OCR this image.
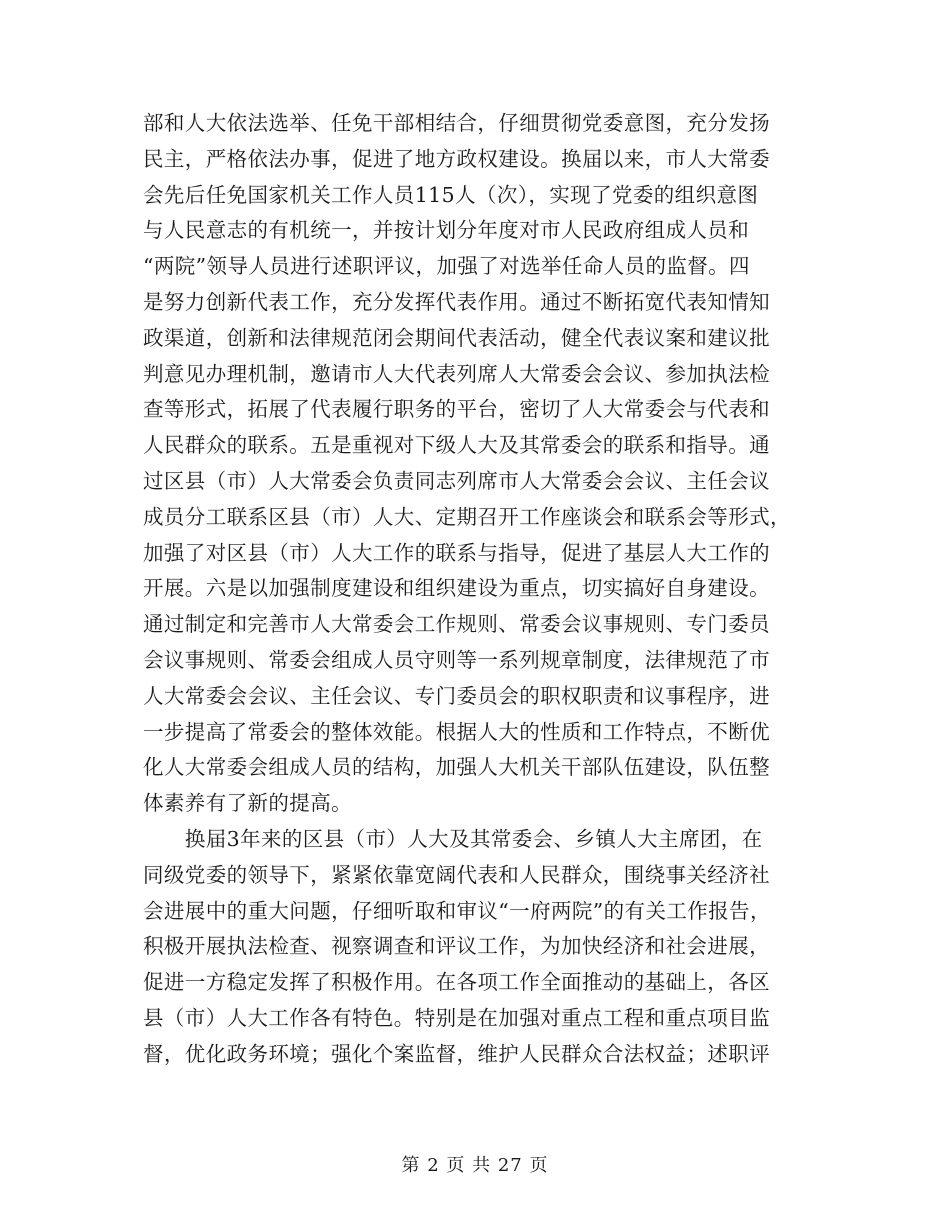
部和人大依法选举、任免干部相结合，仔细贯彻党委意图，充分发扬
民主，严格依法办事，促进了地方政权建设。换届以来，市人大常委
会先后任免国家机关工作人员115人（次），实现了党委的组织意图
与人民意志的有机统一，并按计划分年度对市人民政府组成人员和
“两院”领导人员进行述职评议，加强了对选举任命人员的监督。四
是努力创新代表工作，充分发挥代表作用。通过不断拓宽代表知情知
政渠道，创新和法律规范闭会期间代表活动，健全代表议案和建议批
判意见办理机制，邀请市人大代表列席人大常委会会议、参加执法检
查等形式，拓展了代表履行职务的平台，密切了人大常委会与代表和
人民群众的联系。五是重视对下级人大及其常委会的联系和指导。通
过区县（市）人大常委会负责同志列席市人大常委会会议、主任会议
成员分工联系区县（市）人大、定期召开工作座谈会和联系会等形式，
加强了对区县（市）人大工作的联系与指导，促进了基层人大工作的
开展。六是以加强制度建设和组织建设为重点，切实搞好自身建设。
通过制定和完善市人大常委会工作规则、常委会议事规则、专门委员
会议事规则、常委会组成人员守则等一系列规章制度，法律规范了市
人大常委会会议、主任会议、专门委员会的职权职责和议事程序，进
一步提高了常委会的整体效能。根据人大的性质和工作特点，不断优
化人大常委会组成人员的结构，加强人大机关干部队伍建设，队伍整
体素养有了新的提高。
　　换届3年来的区县（市）人大及其常委会、乡镇人大主席团，在
同级党委的领导下，紧紧依靠宽阔代表和人民群众，围绕事关经济社
会进展中的重大问题，仔细听取和审议“一府两院”的有关工作报告，
积极开展执法检查、视察调查和评议工作，为加快经济和社会进展，
促进一方稳定发挥了积极作用。在各项工作全面推动的基础上，各区
县（市）人大工作各有特色。特别是在加强对重点工程和重点项目监
督，优化政务环境；强化个案监督，维护人民群众合法权益；述职评
第 2 页 共 27 页
